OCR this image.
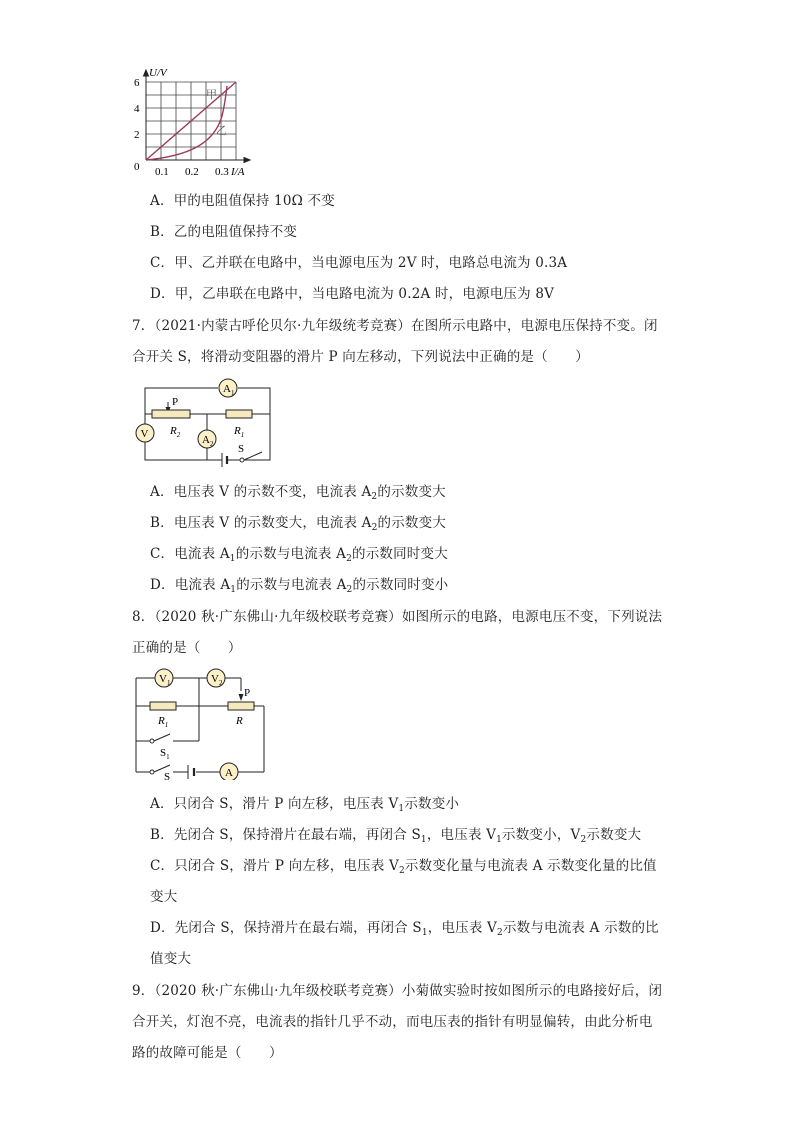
U/V
6
4
2
0 0.1 0.2 0.3 I/A
甲
乙
A．甲的电阻值保持 10Ω 不变
B．乙的电阻值保持不变
C．甲、乙并联在电路中，当电源电压为 2V 时，电路总电流为 0.3A
D．甲，乙串联在电路中，当电路电流为 0.2A 时，电源电压为 8V
7．（2021·内蒙古呼伦贝尔·九年级统考竞赛）在图所示电路中，电源电压保持不变。闭
合开关 S，将滑动变阻器的滑片 P 向左移动，下列说法中正确的是（　　）
$A_1$
V	$A_2$
P
$R_2$	$R_1$
S
A．电压表 V 的示数不变，电流表 $A_2$的示数变大
B．电压表 V 的示数变大，电流表 $A_2$的示数变大
C．电流表 $A_1$的示数与电流表 $A_2$的示数同时变大
D．电流表 $A_1$的示数与电流表 $A_2$的示数同时变小
8．（2020 秋·广东佛山·九年级校联考竞赛）如图所示的电路，电源电压不变，下列说法
正确的是（　　）
$V_1$	$V_2$
A
P
$R_1$	R
$S_1$
S
A．只闭合 S，滑片 P 向左移，电压表 $V_1$示数变小
B．先闭合 S，保持滑片在最右端，再闭合 $S_1$，电压表 $V_1$示数变小，$V_2$示数变大
C．只闭合 S，滑片 P 向左移，电压表 $V_2$示数变化量与电流表 A 示数变化量的比值
变大
D．先闭合 S，保持滑片在最右端，再闭合 $S_1$，电压表 $V_2$示数与电流表 A 示数的比
值变大
9．（2020 秋·广东佛山·九年级校联考竞赛）小菊做实验时按如图所示的电路接好后，闭
合开关，灯泡不亮，电流表的指针几乎不动，而电压表的指针有明显偏转，由此分析电
路的故障可能是（　　）
